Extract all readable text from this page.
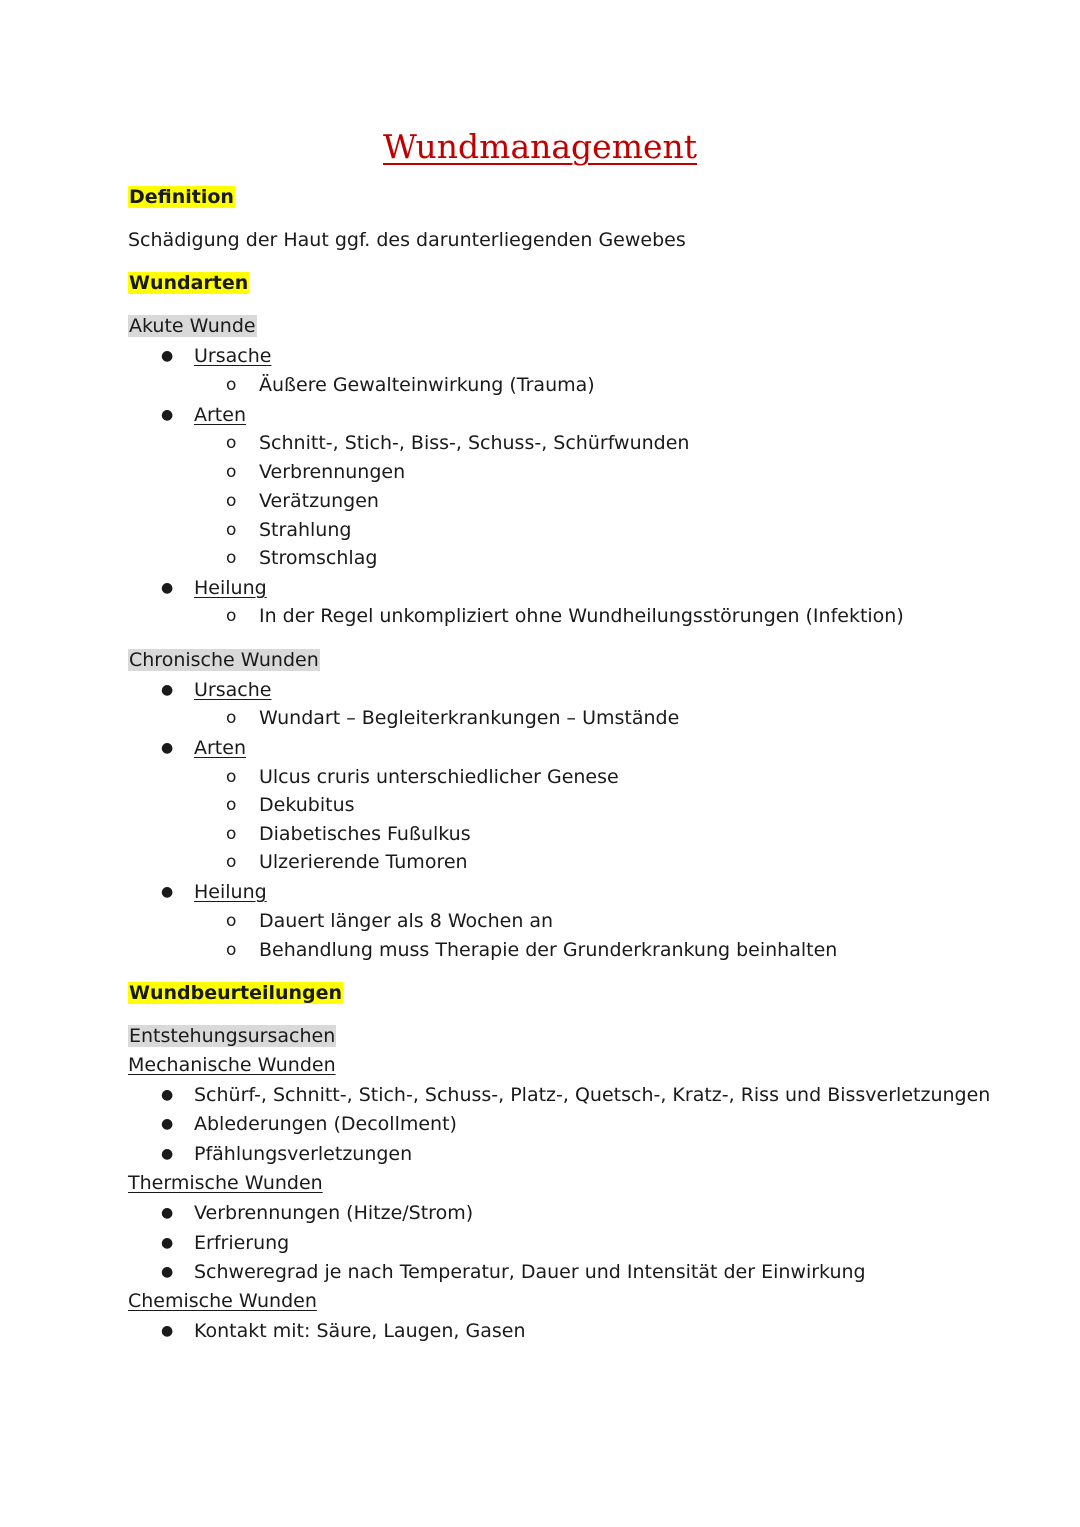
Wundmanagement
Definition
Schädigung der Haut ggf. des darunterliegenden Gewebes
Wundarten
Akute Wunde
● Ursache
o Äußere Gewalteinwirkung (Trauma)
● Arten
o Schnitt-, Stich-, Biss-, Schuss-, Schürfwunden
o Verbrennungen
o Verätzungen
o Strahlung
o Stromschlag
● Heilung
o In der Regel unkompliziert ohne Wundheilungsstörungen (Infektion)
Chronische Wunden
● Ursache
o Wundart – Begleiterkrankungen – Umstände
● Arten
o Ulcus cruris unterschiedlicher Genese
o Dekubitus
o Diabetisches Fußulkus
o Ulzerierende Tumoren
● Heilung
o Dauert länger als 8 Wochen an
o Behandlung muss Therapie der Grunderkrankung beinhalten
Wundbeurteilungen
Entstehungsursachen
Mechanische Wunden
● Schürf-, Schnitt-, Stich-, Schuss-, Platz-, Quetsch-, Kratz-, Riss und Bissverletzungen
● Ablederungen (Decollment)
● Pfählungsverletzungen
Thermische Wunden
● Verbrennungen (Hitze/Strom)
● Erfrierung
● Schweregrad je nach Temperatur, Dauer und Intensität der Einwirkung
Chemische Wunden
● Kontakt mit: Säure, Laugen, Gasen
